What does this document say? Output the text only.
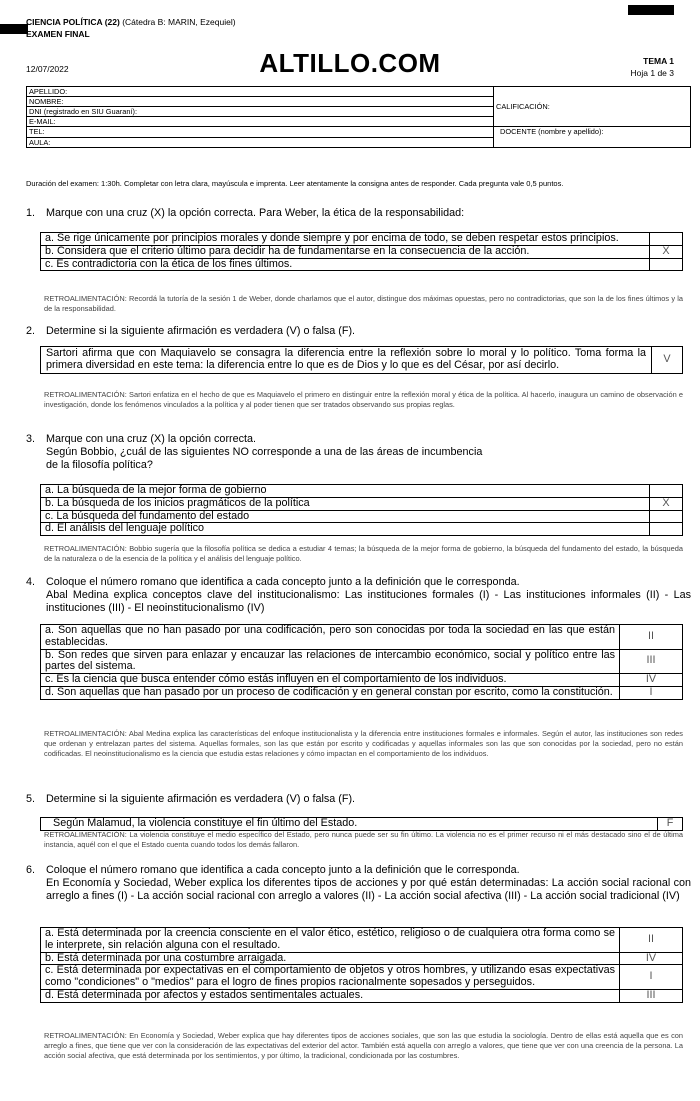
CIENCIA POLÍTICA (22) (Cátedra B: MARIN, Ezequiel)
EXAMEN FINAL
12/07/2022	ALTILLO.COM	TEMA 1
Hoja 1 de 3
APELLIDO:	CALIFICACIÓN:
NOMBRE:	
DNI (registrado en SIU Guaraní):	
E-MAIL:	
TEL:	
AULA:	
DOCENTE (nombre y apellido):
Duración del examen: 1:30h. Completar con letra clara, mayúscula e imprenta. Leer atentamente la consigna antes de responder. Cada pregunta vale 0,5 puntos.
1. Marque con una cruz (X) la opción correcta. Para Weber, la ética de la responsabilidad:
a. Se rige únicamente por principios morales y donde siempre y por encima de todo, se deben respetar estos principios.	
b. Considera que el criterio último para decidir ha de fundamentarse en la consecuencia de la acción.	X
c. Es contradictoria con la ética de los fines últimos.	
RETROALIMENTACIÓN: Recordá la tutoría de la sesión 1 de Weber, donde charlamos que el autor, distingue dos máximas opuestas, pero no contradictorias, que son la de los fines últimos y la de la responsabilidad.
2. Determine si la siguiente afirmación es verdadera (V) o falsa (F).
Sartori afirma que con Maquiavelo se consagra la diferencia entre la reflexión sobre lo moral y lo político. Toma forma la primera diversidad en este tema: la diferencia entre lo que es de Dios y lo que es del César, por así decirlo.	V
RETROALIMENTACIÓN: Sartori enfatiza en el hecho de que es Maquiavelo el primero en distinguir entre la reflexión moral y ética de la política. Al hacerlo, inaugura un camino de observación e investigación, donde los fenómenos vinculados a la política y al poder tienen que ser tratados observando sus propias reglas.
3. Marque con una cruz (X) la opción correcta.
Según Bobbio, ¿cuál de las siguientes NO corresponde a una de las áreas de incumbencia de la filosofía política?
a. La búsqueda de la mejor forma de gobierno	
b. La búsqueda de los inicios pragmáticos de la política	X
c. La búsqueda del fundamento del estado	
d. El análisis del lenguaje político	
RETROALIMENTACIÓN: Bobbio sugería que la filosofía política se dedica a estudiar 4 temas; la búsqueda de la mejor forma de gobierno, la búsqueda del fundamento del estado, la búsqueda de la naturaleza o de la esencia de la política y el análisis del lenguaje político.
4. Coloque el número romano que identifica a cada concepto junto a la definición que le corresponda.
Abal Medina explica conceptos clave del institucionalismo: Las instituciones formales (I) - Las instituciones informales (II) - Las instituciones (III) - El neoinstitucionalismo (IV)
a. Son aquellas que no han pasado por una codificación, pero son conocidas por toda la sociedad en las que están establecidas.	II
b. Son redes que sirven para enlazar y encauzar las relaciones de intercambio económico, social y político entre las partes del sistema.	III
c. Es la ciencia que busca entender cómo estás influyen en el comportamiento de los individuos.	IV
d. Son aquellas que han pasado por un proceso de codificación y en general constan por escrito, como la constitución.	I
RETROALIMENTACIÓN: Abal Medina explica las características del enfoque institucionalista y la diferencia entre instituciones formales e informales. Según el autor, las instituciones son redes que ordenan y entrelazan partes del sistema. Aquellas formales, son las que están por escrito y codificadas y aquellas informales son las que son conocidas por la sociedad, pero no están codificadas. El neoinstitucionalismo es la ciencia que estudia estas relaciones y cómo impactan en el comportamiento de los individuos.
5. Determine si la siguiente afirmación es verdadera (V) o falsa (F).
Según Malamud, la violencia constituye el fin último del Estado.	F
RETROALIMENTACIÓN: La violencia constituye el medio específico del Estado, pero nunca puede ser su fin último. La violencia no es el primer recurso ni el más destacado sino el de última instancia, aquél con el que el Estado cuenta cuando todos los demás fallaron.
6. Coloque el número romano que identifica a cada concepto junto a la definición que le corresponda.
En Economía y Sociedad, Weber explica los diferentes tipos de acciones y por qué están determinadas: La acción social racional con arreglo a fines (I) - La acción social racional con arreglo a valores (II) - La acción social afectiva (III) - La acción social tradicional (IV)
a. Está determinada por la creencia consciente en el valor ético, estético, religioso o de cualquiera otra forma como se le interprete, sin relación alguna con el resultado.	II
b. Está determinada por una costumbre arraigada.	IV
c. Está determinada por expectativas en el comportamiento de objetos y otros hombres, y utilizando esas expectativas como "condiciones" o "medios" para el logro de fines propios racionalmente sopesados y perseguidos.	I
d. Está determinada por afectos y estados sentimentales actuales.	III
RETROALIMENTACIÓN: En Economía y Sociedad, Weber explica que hay diferentes tipos de acciones sociales, que son las que estudia la sociología. Dentro de ellas está aquella que es con arreglo a fines, que tiene que ver con la consideración de las expectativas del exterior del actor. También está aquella con arreglo a valores, que tiene que ver con una creencia de la persona. La acción social afectiva, que está determinada por los sentimientos, y por último, la tradicional, condicionada por las costumbres.
